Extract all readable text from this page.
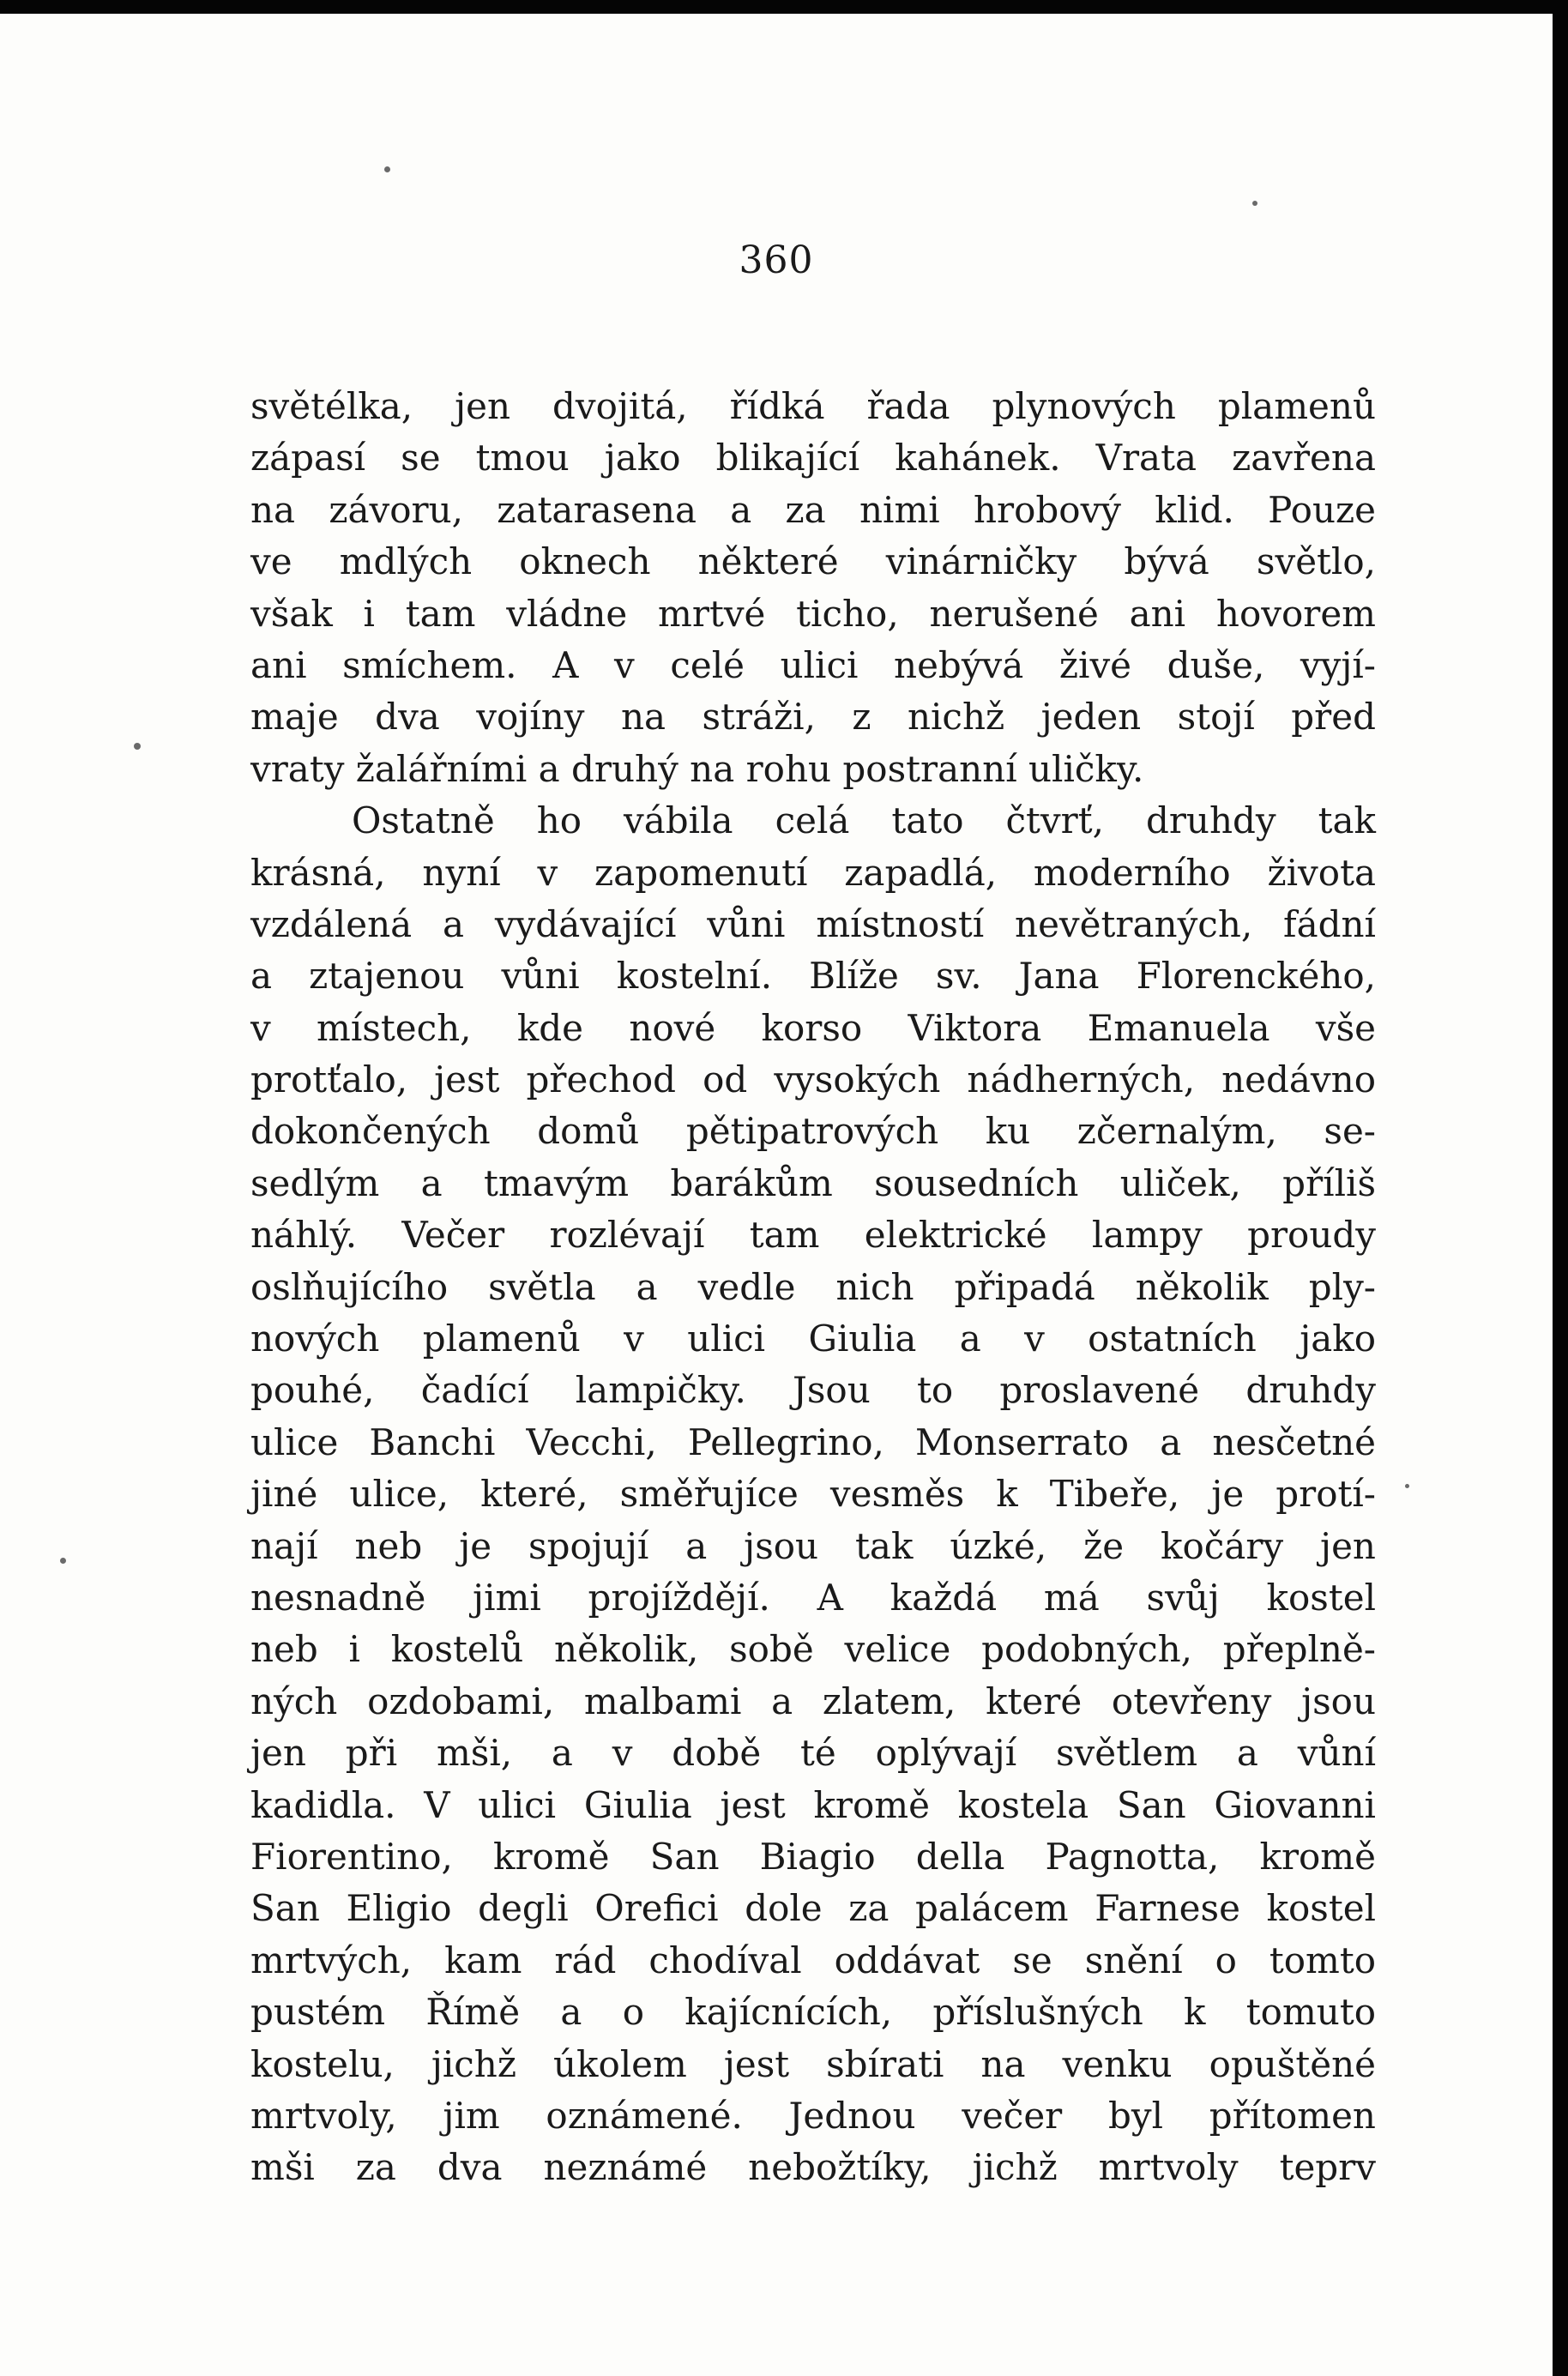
360
světélka, jen dvojitá, řídká řada plynových plamenů
zápasí se tmou jako blikající kahánek. Vrata zavřena
na závoru, zatarasena a za nimi hrobový klid. Pouze
ve mdlých oknech některé vinárničky bývá světlo,
však i tam vládne mrtvé ticho, nerušené ani hovorem
ani smíchem. A v celé ulici nebývá živé duše, vyjí-
maje dva vojíny na stráži, z nichž jeden stojí před
vraty žalářními a druhý na rohu postranní uličky.
Ostatně ho vábila celá tato čtvrť, druhdy tak
krásná, nyní v zapomenutí zapadlá, moderního života
vzdálená a vydávající vůni místností nevětraných, fádní
a ztajenou vůni kostelní. Blíže sv. Jana Florenckého,
v místech, kde nové korso Viktora Emanuela vše
protťalo, jest přechod od vysokých nádherných, nedávno
dokončených domů pětipatrových ku zčernalým, se-
sedlým a tmavým barákům sousedních uliček, příliš
náhlý. Večer rozlévají tam elektrické lampy proudy
oslňujícího světla a vedle nich připadá několik ply-
nových plamenů v ulici Giulia a v ostatních jako
pouhé, čadící lampičky. Jsou to proslavené druhdy
ulice Banchi Vecchi, Pellegrino, Monserrato a nesčetné
jiné ulice, které, směřujíce vesměs k Tibeře, je protí-
nají neb je spojují a jsou tak úzké, že kočáry jen
nesnadně jimi projíždějí. A každá má svůj kostel
neb i kostelů několik, sobě velice podobných, přeplně-
ných ozdobami, malbami a zlatem, které otevřeny jsou
jen při mši, a v době té oplývají světlem a vůní
kadidla. V ulici Giulia jest kromě kostela San Giovanni
Fiorentino, kromě San Biagio della Pagnotta, kromě
San Eligio degli Orefici dole za palácem Farnese kostel
mrtvých, kam rád chodíval oddávat se snění o tomto
pustém Římě a o kajícnících, příslušných k tomuto
kostelu, jichž úkolem jest sbírati na venku opuštěné
mrtvoly, jim oznámené. Jednou večer byl přítomen
mši za dva neznámé nebožtíky, jichž mrtvoly teprv
